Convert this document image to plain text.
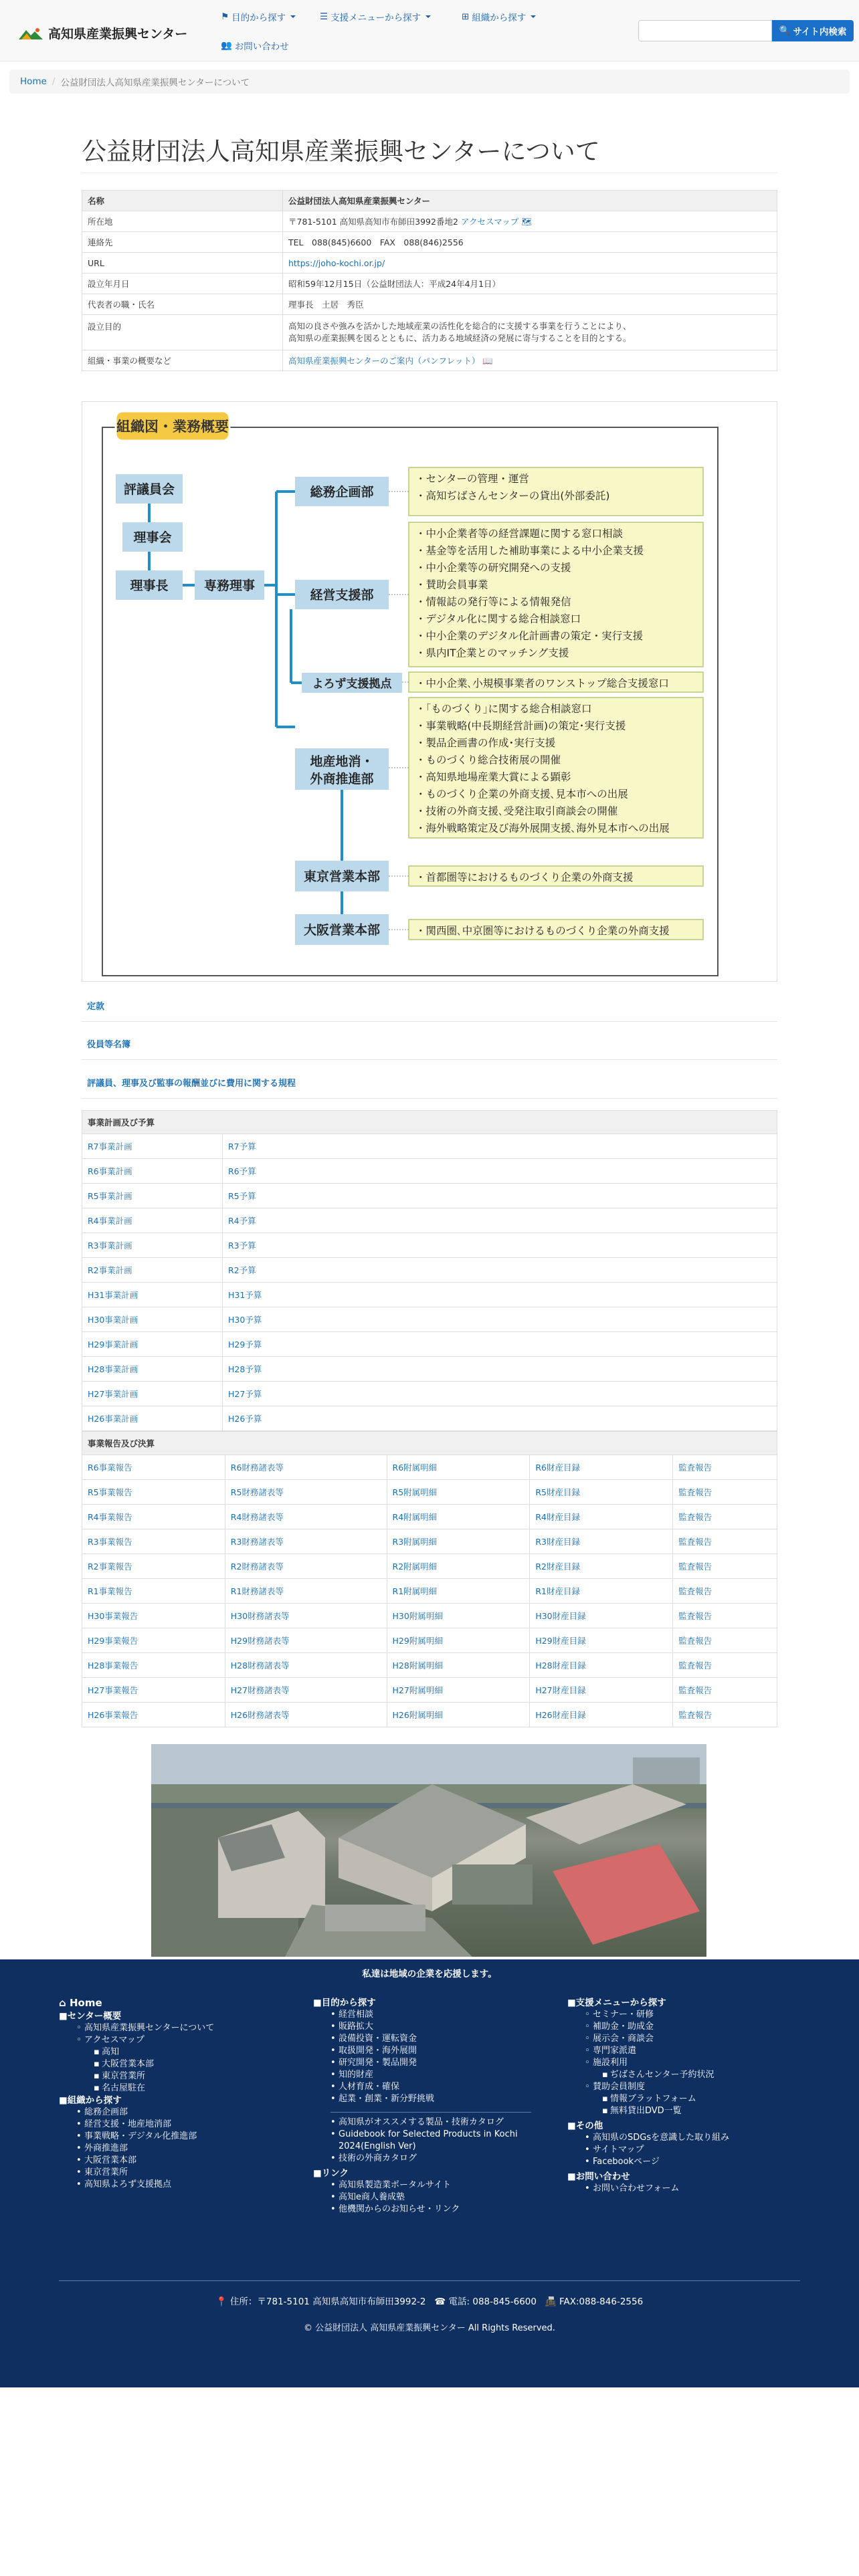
高知県産業振興センター
⚑ 目的から探す	☰ 支援メニューから探す	⊞ 組織から探す
👥 お問い合わせ
🔍 サイト内検索
Home / 公益財団法人高知県産業振興センターについて
公益財団法人高知県産業振興センターについて
名称	公益財団法人高知県産業振興センター
所在地	〒781-5101 高知県高知市布師田3992番地2 アクセスマップ 🗺
連絡先	TEL　088(845)6600　FAX　088(846)2556
URL	https://joho-kochi.or.jp/
設立年月日	昭和59年12月15日（公益財団法人：平成24年4月1日）
代表者の職・氏名	理事長　土居　秀臣
設立目的	高知の良さや強みを活かした地域産業の活性化を総合的に支援する事業を行うことにより、
高知県の産業振興を図るとともに、活力ある地域経済の発展に寄与することを目的とする。

組織・事業の概要など	高知県産業振興センターのご案内（パンフレット） 📖
組織図・業務概要
評議員会
理事会
理事長	専務理事
総務企画部
・センターの管理・運営
・高知ぢばさんセンターの貸出(外部委託)
経営支援部
・中小企業者等の経営課題に関する窓口相談
・基金等を活用した補助事業による中小企業支援
・中小企業等の研究開発への支援
・賛助会員事業
・情報誌の発行等による情報発信
・デジタル化に関する総合相談窓口
・中小企業のデジタル化計画書の策定・実行支援
・県内IT企業とのマッチング支援
よろず支援拠点 ・中小企業､小規模事業者のワンストップ総合支援窓口
地産地消・
外商推進部
・｢ものづくり｣に関する総合相談窓口
・事業戦略(中長期経営計画)の策定･実行支援
・製品企画書の作成･実行支援
・ものづくり総合技術展の開催
・高知県地場産業大賞による顕彰
・ものづくり企業の外商支援､見本市への出展
・技術の外商支援､受発注取引商談会の開催
・海外戦略策定及び海外展開支援､海外見本市への出展
東京営業本部	・首都圏等におけるものづくり企業の外商支援
大阪営業本部	・関西圏､中京圏等におけるものづくり企業の外商支援
定款
役員等名簿
評議員、理事及び監事の報酬並びに費用に関する規程
事業計画及び予算	
R7事業計画	R7予算
R6事業計画	R6予算
R5事業計画	R5予算
R4事業計画	R4予算
R3事業計画	R3予算
R2事業計画	R2予算
H31事業計画	H31予算
H30事業計画	H30予算
H29事業計画	H29予算
H28事業計画	H28予算
H27事業計画	H27予算
H26事業計画	H26予算
事業報告及び決算				
R6事業報告	R6財務諸表等	R6附属明細	R6財産目録	監査報告
R5事業報告	R5財務諸表等	R5附属明細	R5財産目録	監査報告
R4事業報告	R4財務諸表等	R4附属明細	R4財産目録	監査報告
R3事業報告	R3財務諸表等	R3附属明細	R3財産目録	監査報告
R2事業報告	R2財務諸表等	R2附属明細	R2財産目録	監査報告
R1事業報告	R1財務諸表等	R1附属明細	R1財産目録	監査報告
H30事業報告	H30財務諸表等	H30附属明細	H30財産目録	監査報告
H29事業報告	H29財務諸表等	H29附属明細	H29財産目録	監査報告
H28事業報告	H28財務諸表等	H28附属明細	H28財産目録	監査報告
H27事業報告	H27財務諸表等	H27附属明細	H27財産目録	監査報告
H26事業報告	H26財務諸表等	H26附属明細	H26財産目録	監査報告
私達は地域の企業を応援します。
⌂ Home
■センター概要
◦ 高知県産業振興センターについて
◦ アクセスマップ
▪ 高知
▪ 大阪営業本部
▪ 東京営業所
▪ 名古屋駐在
■組織から探す
• 総務企画部
• 経営支援・地産地消部
• 事業戦略・デジタル化推進部
• 外商推進部
• 大阪営業本部
• 東京営業所
• 高知県よろず支援拠点
■目的から探す
• 経営相談
• 販路拡大
• 設備投資・運転資金
• 取扱開発・海外展開
• 研究開発・製品開発
• 知的財産
• 人材育成・確保
• 起業・創業・新分野挑戦
• 高知県がオススメする製品・技術カタログ
• Guidebook for Selected Products in Kochi 2024(English Ver)
• 技術の外商カタログ
■リンク
• 高知県製造業ポータルサイト
• 高知e商人養成塾
• 他機関からのお知らせ・リンク
■支援メニューから探す
◦ セミナー・研修
◦ 補助金・助成金
◦ 展示会・商談会
◦ 専門家派遣
◦ 施設利用
▪ ぢばさんセンター予約状況
◦ 賛助会員制度
▪ 情報ブラットフォーム
▪ 無料貸出DVD一覧
■その他
• 高知県のSDGsを意識した取り組み
• サイトマップ
• Facebookページ
■お問い合わせ
• お問い合わせフォーム
📍 住所：〒781-5101 高知県高知市布師田3992-2 ☎ 電話: 088-845-6600 📠 FAX:088-846-2556
© 公益財団法人 高知県産業振興センター All Rights Reserved.
